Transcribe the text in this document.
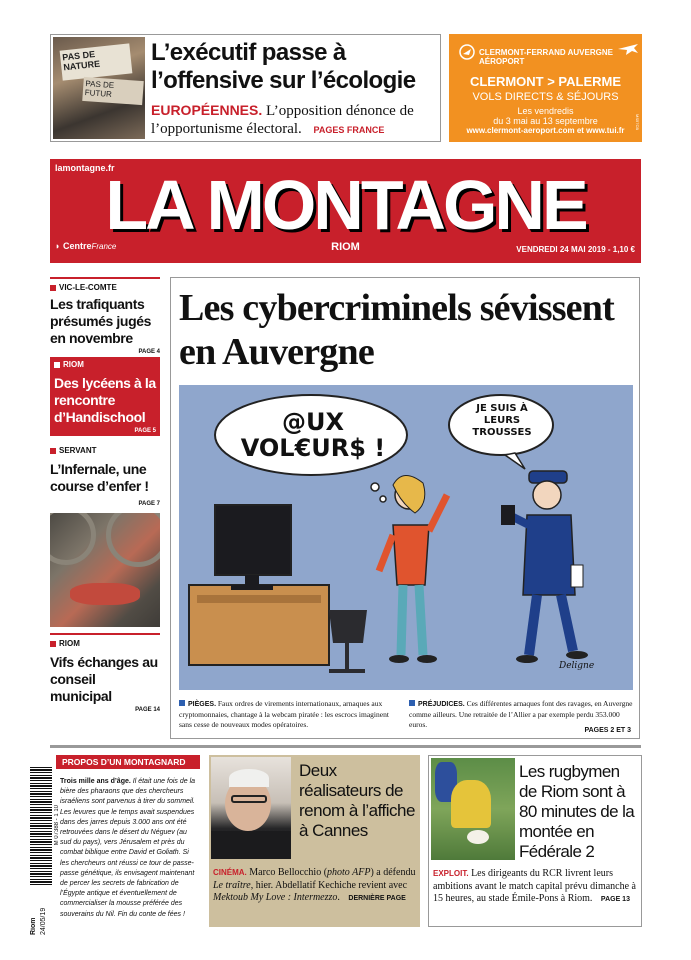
PAS DE NATURE
PAS DE FUTUR
L’exécutif passe à l’offensive sur l’écologie
EUROPÉENNES. L’opposition dénonce de l’opportunisme électoral. PAGES FRANCE
CLERMONT-FERRAND AUVERGNE AÉROPORT
CLERMONT > PALERME
VOLS DIRECTS & SÉJOURS
Les vendredis
du 3 mai au 13 septembre
www.clermont-aeroport.com et www.tui.fr
MS57CB
lamontagne.fr
LA MONTAGNE
◗ CentreFrance	RIOM	VENDREDI 24 MAI 2019 - 1,10 €
VIC-LE-COMTE
Les trafiquants présumés jugés en novembre
PAGE 4
RIOM
Des lycéens à la rencontre d’Handischool
PAGE 5
SERVANT
L’Infernale, une course d’enfer !
PAGE 7
RIOM
Vifs échanges au conseil municipal
PAGE 14
Les cybercriminels sévissent en Auvergne
@UX VOL€UR$ !
JE SUIS À LEURS TROUSSES
Deligne
PIÈGES. Faux ordres de virements internationaux, arnaques aux cryptomonnaies, chantage à la webcam piratée : les escrocs imaginent sans cesse de nouveaux modes opératoires.
PRÉJUDICES. Ces différentes arnaques font des ravages, en Auvergne comme ailleurs. Une retraitée de l’Allier a par exemple perdu 353.000 euros.
PAGES 2 ET 3
M 07388 - 1 10
Riom 24/05/19
PROPOS D’UN MONTAGNARD
Trois mille ans d’âge. Il était une fois de la bière des pharaons que des chercheurs israéliens sont parvenus à tirer du sommeil. Les levures que le temps avait suspendues dans des jarres depuis 3.000 ans ont été retrouvées dans le désert du Néguev (au sud du pays), vers Jérusalem et près du combat biblique entre David et Goliath. Si les chercheurs ont réussi ce tour de passe-passe génétique, ils envisagent maintenant de percer les secrets de fabrication de l’Égypte antique et éventuellement de commercialiser la mousse préférée des souverains du Nil. Fin du conte de fées !
Deux réalisateurs de renom à l’affiche à Cannes
CINÉMA. Marco Bellocchio (photo AFP) a défendu Le traître, hier. Abdellatif Kechiche revient avec Mektoub My Love : Intermezzo. DERNIÈRE PAGE
Les rugbymen de Riom sont à 80 minutes de la montée en Fédérale 2
EXPLOIT. Les dirigeants du RCR livrent leurs ambitions avant le match capital prévu dimanche à 15 heures, au stade Émile-Pons à Riom. PAGE 13
